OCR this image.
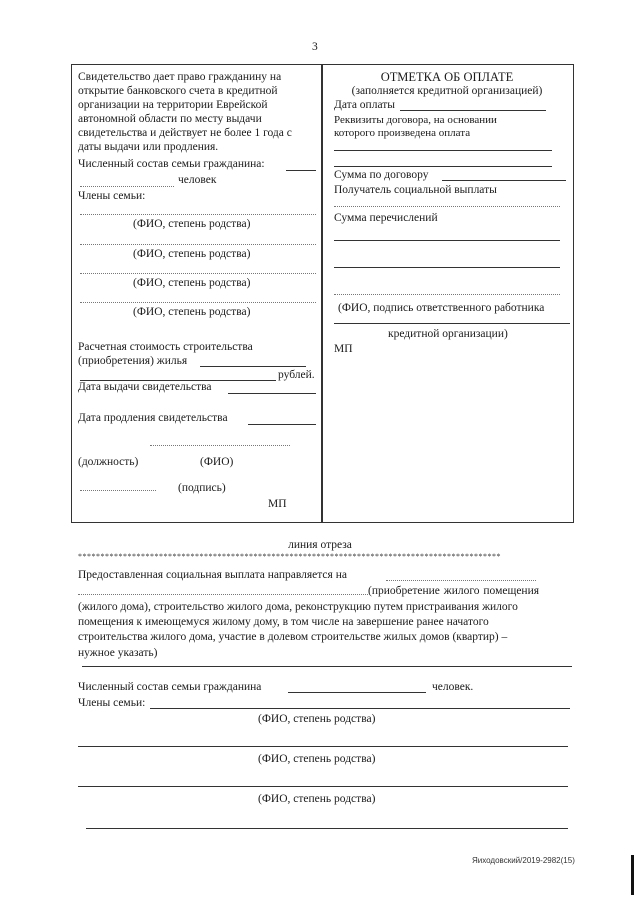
3
Свидетельство дает право гражданину на
открытие банковского счета в кредитной
организации на территории Еврейской
автономной области по месту выдачи
свидетельства и действует не более 1 года с
даты выдачи или продления.
Численный состав семьи гражданина:
человек
Члены семьи:
(ФИО, степень родства)
(ФИО, степень родства)
(ФИО, степень родства)
(ФИО, степень родства)
Расчетная стоимость строительства
(приобретения) жилья
рублей.
Дата выдачи свидетельства
Дата продления свидетельства
(должность)	(ФИО)
(подпись)
МП
ОТМЕТКА ОБ ОПЛАТЕ
(заполняется кредитной организацией)
Дата оплаты
Реквизиты договора, на основании
которого произведена оплата
Сумма по договору
Получатель социальной выплаты
Сумма перечислений
(ФИО, подпись ответственного работника
кредитной организации)
МП
линия отреза
**********************************************************************************************
Предоставленная социальная выплата направляется на
(приобретение жилого помещения
(жилого дома), строительство жилого дома, реконструкцию путем пристраивания жилого
помещения к имеющемуся жилому дому, в том числе на завершение ранее начатого
строительства жилого дома, участие в долевом строительстве жилых домов (квартир) –
нужное указать)
Численный состав семьи гражданина	человек.
Члены семьи:
(ФИО, степень родства)
(ФИО, степень родства)
(ФИО, степень родства)
Яиходовский/2019-2982(15)
